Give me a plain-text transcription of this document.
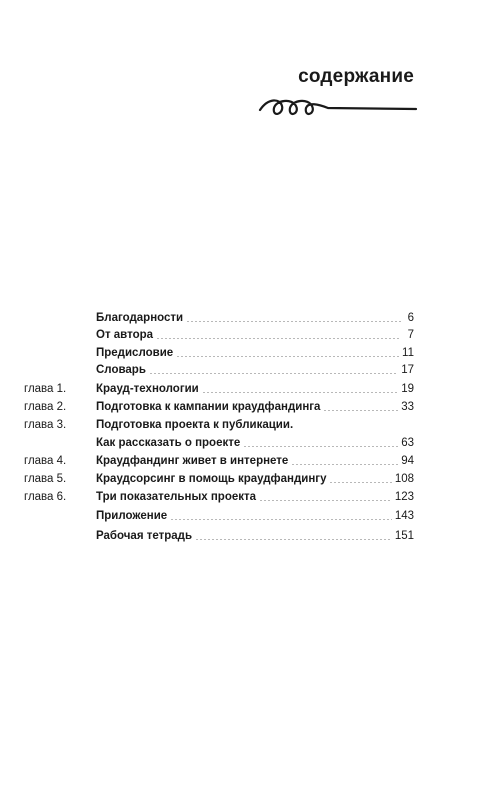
содержание
Благодарности	6
От автора	7
Предисловие	11
Словарь	17
глава 1.	Крауд-технологии	19
глава 2.	Подготовка к кампании краудфандинга	33
глава 3.	Подготовка проекта к публикации.
Как рассказать о проекте	63
глава 4.	Краудфандинг живет в интернете	94
глава 5.	Краудсорсинг в помощь краудфандингу	108
глава 6.	Три показательных проекта	123
Приложение	143
Рабочая тетрадь	151
